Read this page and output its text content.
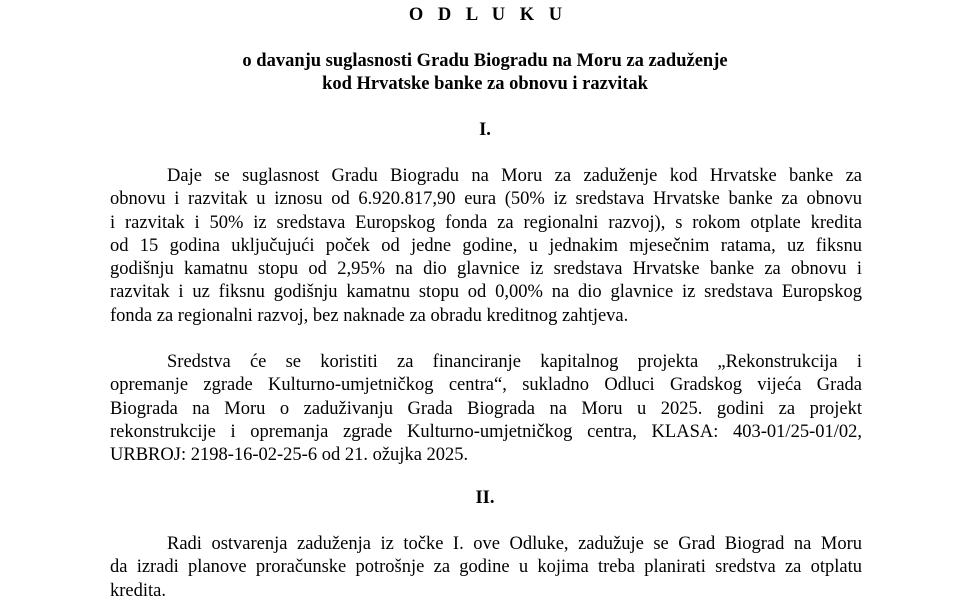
O D L U K U
o davanju suglasnosti Gradu Biogradu na Moru za zaduženje
kod Hrvatske banke za obnovu i razvitak
I.

Daje se suglasnost Gradu Biogradu na Moru za zaduženje kod Hrvatske banke za
obnovu i razvitak u iznosu od 6.920.817,90 eura (50% iz sredstava Hrvatske banke za obnovu
i razvitak i 50% iz sredstava Europskog fonda za regionalni razvoj), s rokom otplate kredita
od 15 godina uključujući poček od jedne godine, u jednakim mjesečnim ratama, uz fiksnu
godišnju kamatnu stopu od 2,95% na dio glavnice iz sredstava Hrvatske banke za obnovu i
razvitak i uz fiksnu godišnju kamatnu stopu od 0,00% na dio glavnice iz sredstava Europskog
fonda za regionalni razvoj, bez naknade za obradu kreditnog zahtjeva.

Sredstva će se koristiti za financiranje kapitalnog projekta „Rekonstrukcija i
opremanje zgrade Kulturno-umjetničkog centra“, sukladno Odluci Gradskog vijeća Grada
Biograda na Moru o zaduživanju Grada Biograda na Moru u 2025. godini za projekt
rekonstrukcije i opremanja zgrade Kulturno-umjetničkog centra, KLASA: 403-01/25-01/02,
URBROJ: 2198-16-02-25-6 od 21. ožujka 2025.

II.

Radi ostvarenja zaduženja iz točke I. ove Odluke, zadužuje se Grad Biograd na Moru
da izradi planove proračunske potrošnje za godine u kojima treba planirati sredstva za otplatu
kredita.
